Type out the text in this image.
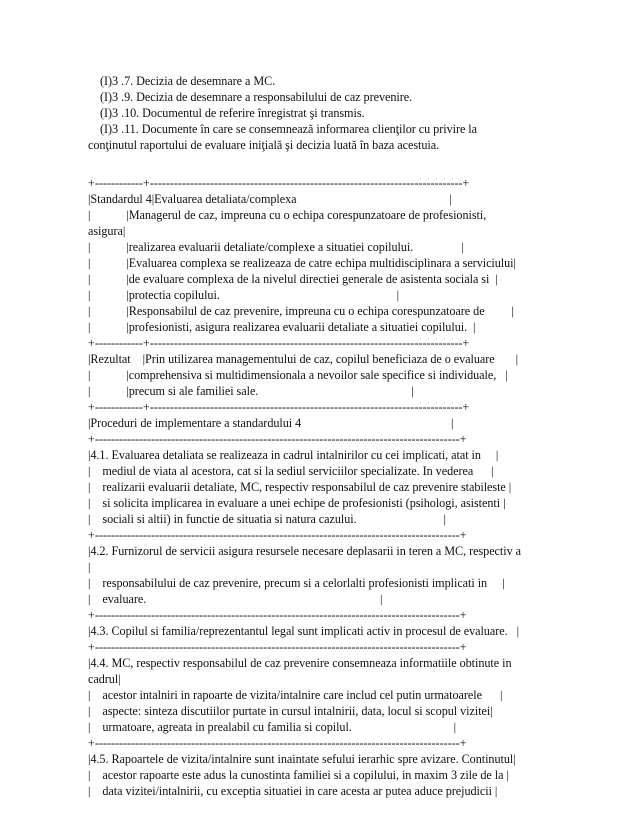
(I)3 .7. Decizia de desemnare a MC.
(I)3 .9. Decizia de desemnare a responsabilului de caz prevenire.
(I)3 .10. Documentul de referire înregistrat şi transmis.
(I)3 .11. Documente în care se consemnează informarea clienţilor cu privire la
conţinutul raportului de evaluare iniţială şi decizia luată în baza acestuia.
+------------+------------------------------------------------------------------------------+
|Standardul 4|Evaluarea detaliata/complexa                                                   |
|            |Managerul de caz, impreuna cu o echipa corespunzatoare de profesionisti,
asigura|
|            |realizarea evaluarii detaliate/complexe a situatiei copilului.                |
|            |Evaluarea complexa se realizeaza de catre echipa multidisciplinara a serviciului|
|            |de evaluare complexa de la nivelul directiei generale de asistenta sociala si  |
|            |protectia copilului.                                                           |
|            |Responsabilul de caz prevenire, impreuna cu o echipa corespunzatoare de         |
|            |profesionisti, asigura realizarea evaluarii detaliate a situatiei copilului.  |
+------------+------------------------------------------------------------------------------+
|Rezultat    |Prin utilizarea managementului de caz, copilul beneficiaza de o evaluare       |
|            |comprehensiva si multidimensionala a nevoilor sale specifice si individuale,   |
|            |precum si ale familiei sale.                                                   |
+------------+------------------------------------------------------------------------------+
|Proceduri de implementare a standardului 4                                                  |
+-------------------------------------------------------------------------------------------+
|4.1. Evaluarea detaliata se realizeaza in cadrul intalnirilor cu cei implicati, atat in     |
|    mediul de viata al acestora, cat si la sediul serviciilor specializate. In vederea      |
|    realizarii evaluarii detaliate, MC, respectiv responsabilul de caz prevenire stabileste |
|    si solicita implicarea in evaluare a unei echipe de profesionisti (psihologi, asistenti |
|    sociali si altii) in functie de situatia si natura cazului.                             |
+-------------------------------------------------------------------------------------------+
|4.2. Furnizorul de servicii asigura resursele necesare deplasarii in teren a MC, respectiv a
|
|    responsabilului de caz prevenire, precum si a celorlalti profesionisti implicati in     |
|    evaluare.                                                                              |
+-------------------------------------------------------------------------------------------+
|4.3. Copilul si familia/reprezentantul legal sunt implicati activ in procesul de evaluare.   |
+-------------------------------------------------------------------------------------------+
|4.4. MC, respectiv responsabilul de caz prevenire consemneaza informatiile obtinute in
cadrul|
|    acestor intalniri in rapoarte de vizita/intalnire care includ cel putin urmatoarele      |
|    aspecte: sinteza discutiilor purtate in cursul intalnirii, data, locul si scopul vizitei|
|    urmatoare, agreata in prealabil cu familia si copilul.                                  |
+-------------------------------------------------------------------------------------------+
|4.5. Rapoartele de vizita/intalnire sunt inaintate sefului ierarhic spre avizare. Continutul|
|    acestor rapoarte este adus la cunostinta familiei si a copilului, in maxim 3 zile de la |
|    data vizitei/intalnirii, cu exceptia situatiei in care acesta ar putea aduce prejudicii |
